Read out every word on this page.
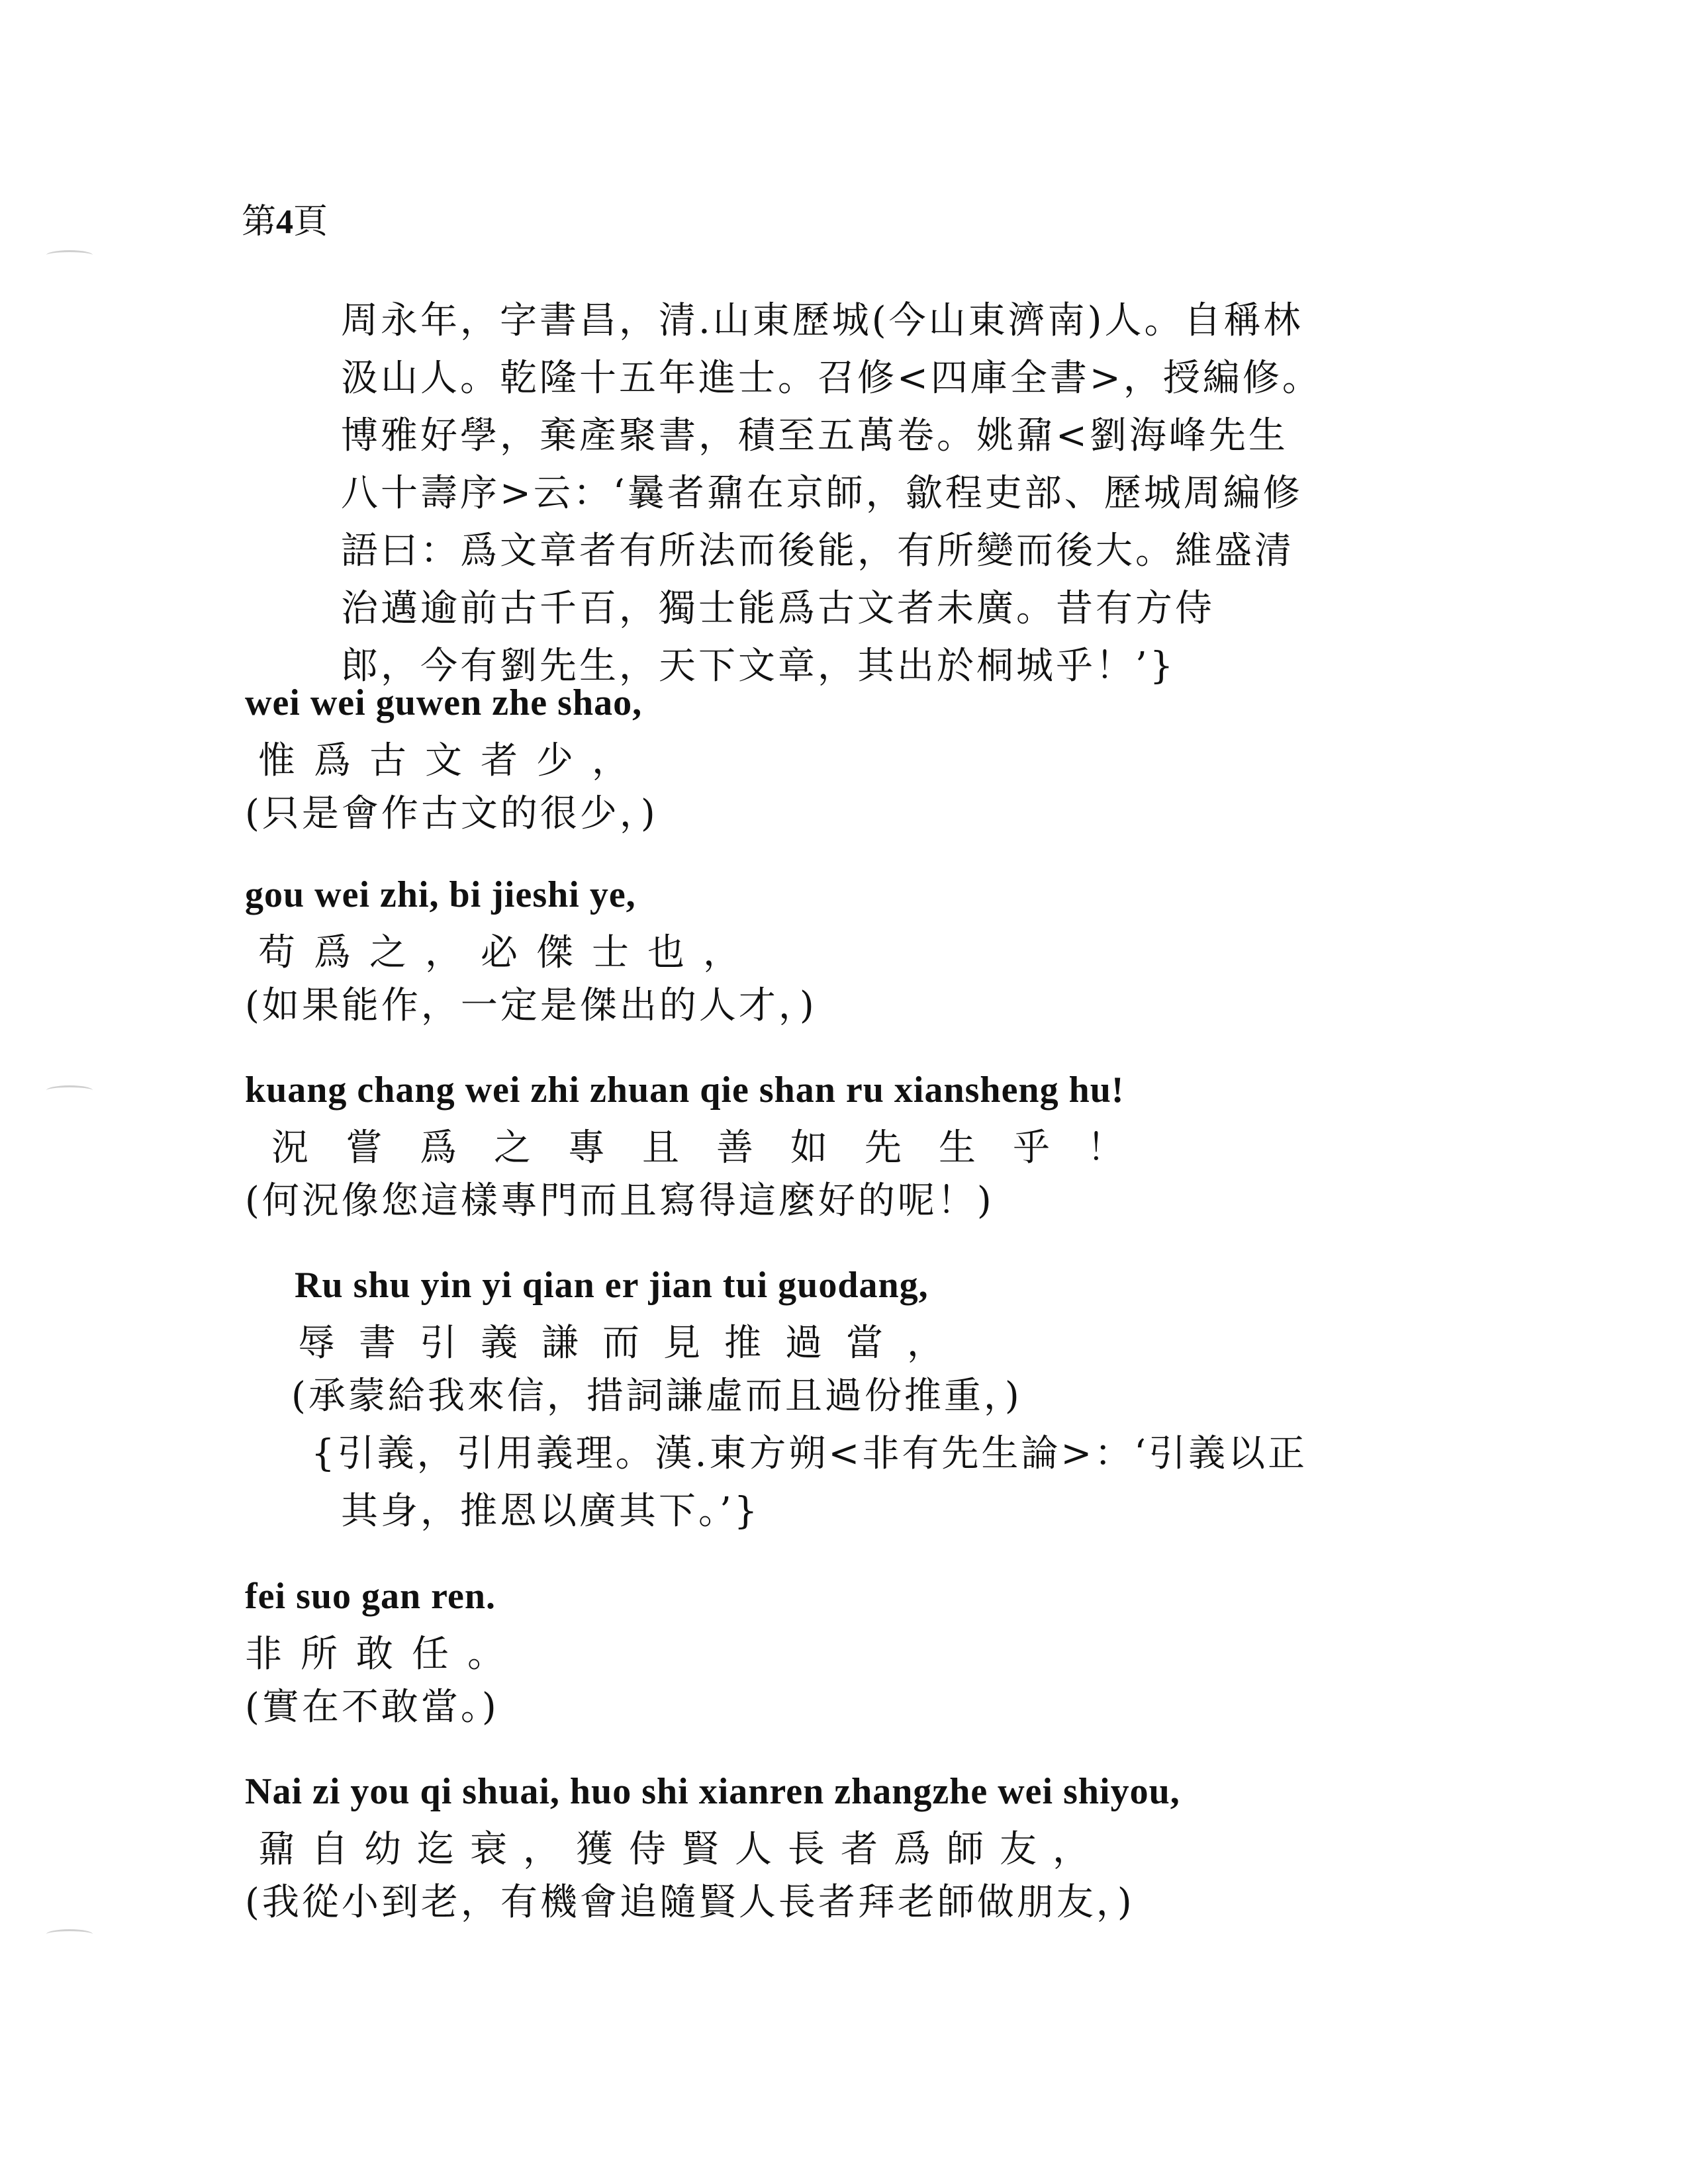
第4頁
周永年，字書昌，清.山東歷城(今山東濟南)人。自稱林
汲山人。乾隆十五年進士。召修<四庫全書>，授編修。
博雅好學，棄產聚書，積至五萬卷。姚鼐<劉海峰先生
八十壽序>云：‘曩者鼐在京師，歙程吏部、歷城周編修
語曰：爲文章者有所法而後能，有所變而後大。維盛清
治邁逾前古千百，獨士能爲古文者未廣。昔有方侍
郎，今有劉先生，天下文章，其出於桐城乎！’}
wei wei guwen zhe shao,
惟爲古文者少，
(只是會作古文的很少，)
gou wei zhi, bi jieshi ye,
苟爲之，必傑士也，
(如果能作，一定是傑出的人才，)
kuang chang wei zhi zhuan qie shan ru xiansheng hu!
況嘗爲之專且善如先生乎！
(何況像您這樣專門而且寫得這麼好的呢！)
Ru shu yin yi qian er jian tui guodang,
辱書引義謙而見推過當，
(承蒙給我來信，措詞謙虛而且過份推重，)
{引義，引用義理。漢.東方朔<非有先生論>：‘引義以正
其身，推恩以廣其下。’}
fei suo gan ren.
非所敢任。
(實在不敢當。)
Nai zi you qi shuai, huo shi xianren zhangzhe wei shiyou,
鼐自幼迄衰，獲侍賢人長者爲師友，
(我從小到老，有機會追隨賢人長者拜老師做朋友，)
